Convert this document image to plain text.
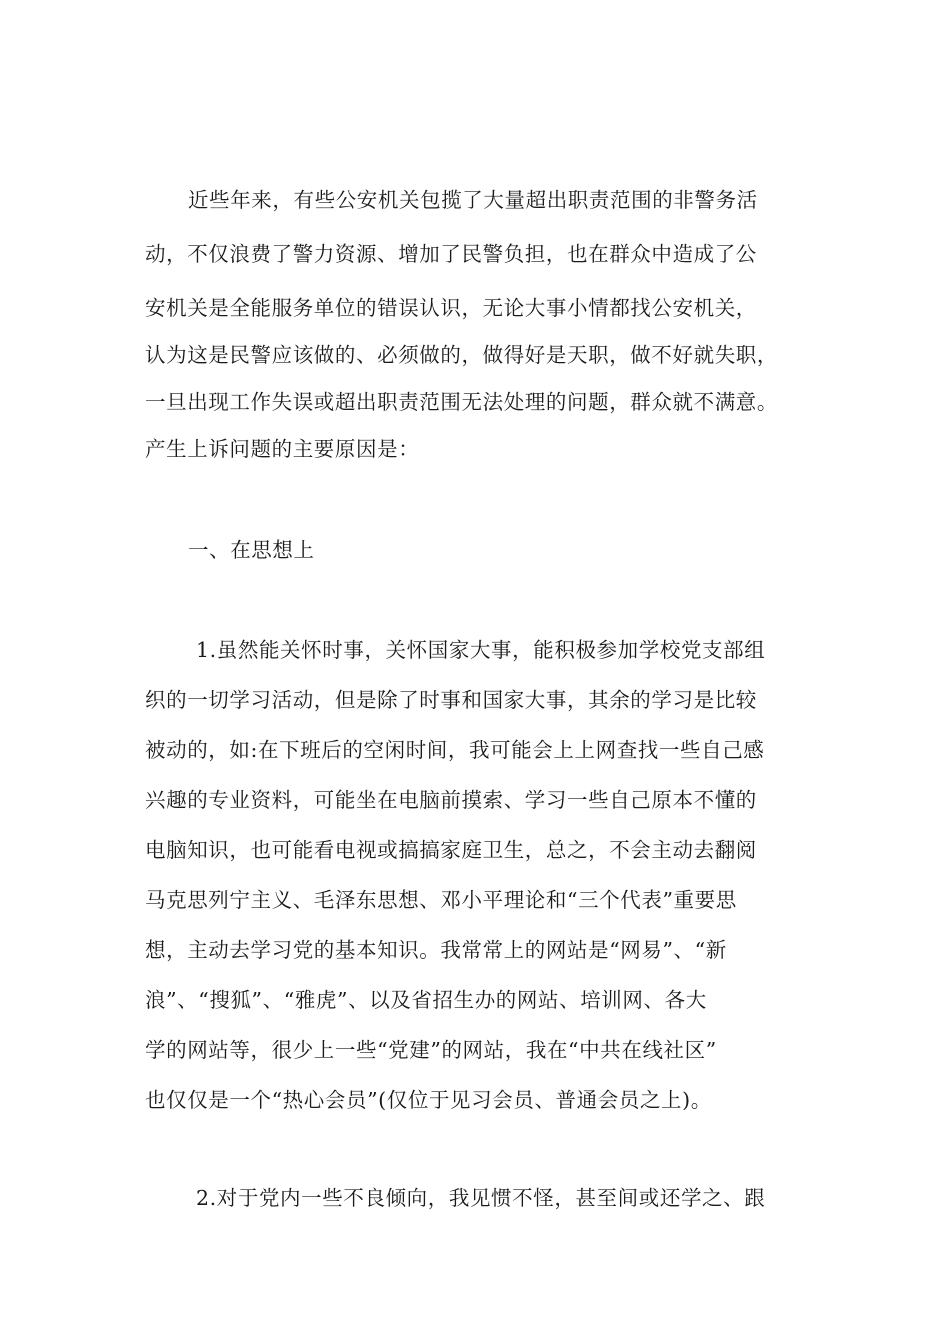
近些年来，有些公安机关包揽了大量超出职责范围的非警务活
动，不仅浪费了警力资源、增加了民警负担，也在群众中造成了公
安机关是全能服务单位的错误认识，无论大事小情都找公安机关，
认为这是民警应该做的、必须做的，做得好是天职，做不好就失职，
一旦出现工作失误或超出职责范围无法处理的问题，群众就不满意。
产生上诉问题的主要原因是：
一、在思想上
1.虽然能关怀时事，关怀国家大事，能积极参加学校党支部组
织的一切学习活动，但是除了时事和国家大事，其余的学习是比较
被动的，如:在下班后的空闲时间，我可能会上上网查找一些自己感
兴趣的专业资料，可能坐在电脑前摸索、学习一些自己原本不懂的
电脑知识，也可能看电视或搞搞家庭卫生，总之，不会主动去翻阅
马克思列宁主义、毛泽东思想、邓小平理论和“三个代表”重要思
想，主动去学习党的基本知识。我常常上的网站是“网易”、“新
浪”、“搜狐”、“雅虎”、以及省招生办的网站、培训网、各大
学的网站等，很少上一些“党建”的网站，我在“中共在线社区”
也仅仅是一个“热心会员”(仅位于见习会员、普通会员之上)。
2.对于党内一些不良倾向，我见惯不怪，甚至间或还学之、跟
